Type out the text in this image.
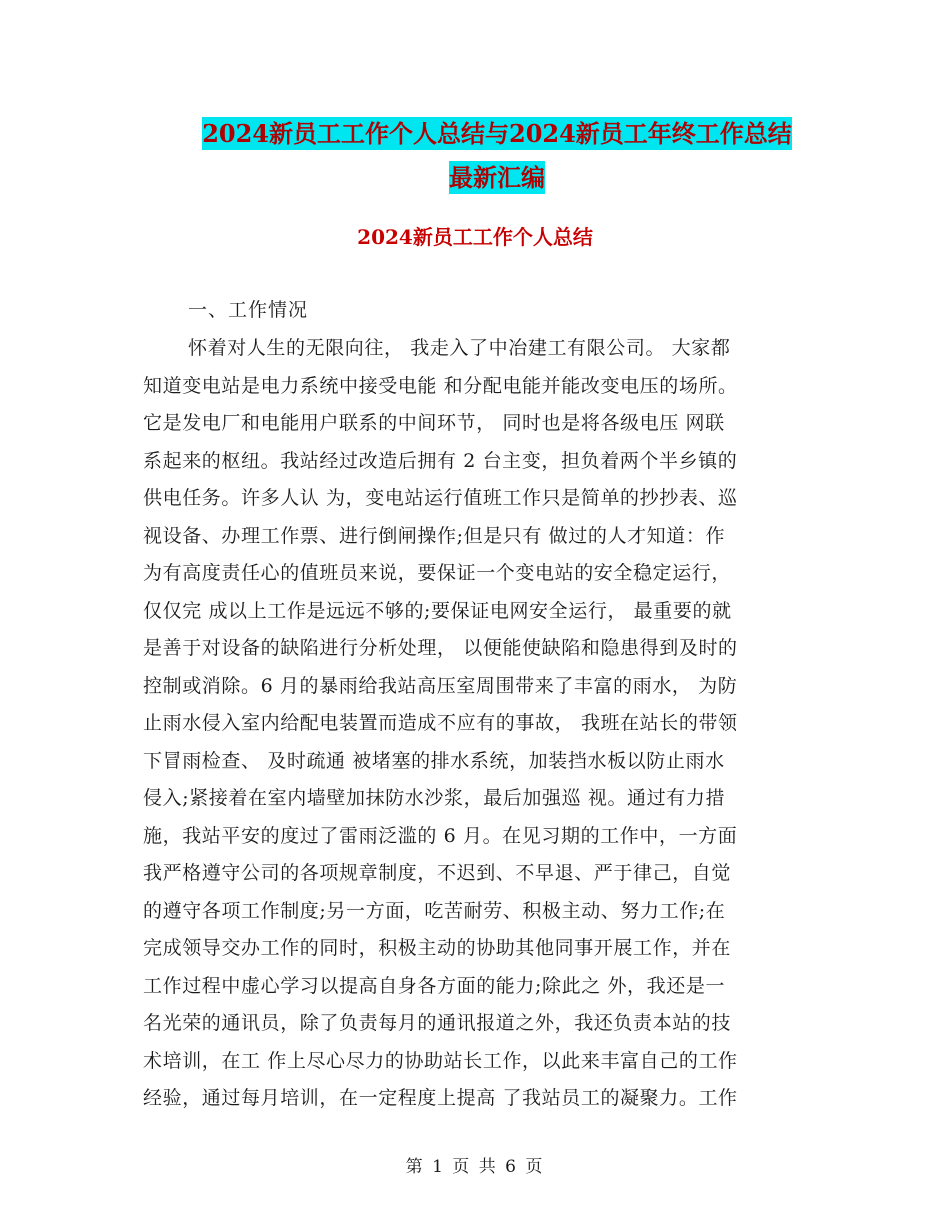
2024新员工工作个人总结与2024新员工年终工作总结
最新汇编
2024新员工工作个人总结
一、工作情况
怀着对人生的无限向往， 我走入了中冶建工有限公司。 大家都
知道变电站是电力系统中接受电能 和分配电能并能改变电压的场所。
它是发电厂和电能用户联系的中间环节， 同时也是将各级电压 网联
系起来的枢纽。我站经过改造后拥有 2 台主变，担负着两个半乡镇的
供电任务。许多人认 为，变电站运行值班工作只是简单的抄抄表、巡
视设备、办理工作票、进行倒闸操作;但是只有 做过的人才知道：作
为有高度责任心的值班员来说，要保证一个变电站的安全稳定运行，
仅仅完 成以上工作是远远不够的;要保证电网安全运行， 最重要的就
是善于对设备的缺陷进行分析处理， 以便能使缺陷和隐患得到及时的
控制或消除。6 月的暴雨给我站高压室周围带来了丰富的雨水， 为防
止雨水侵入室内给配电装置而造成不应有的事故， 我班在站长的带领
下冒雨检查、 及时疏通 被堵塞的排水系统，加装挡水板以防止雨水
侵入;紧接着在室内墙壁加抹防水沙浆，最后加强巡 视。通过有力措
施，我站平安的度过了雷雨泛滥的 6 月。在见习期的工作中，一方面
我严格遵守公司的各项规章制度，不迟到、不早退、严于律己，自觉
的遵守各项工作制度;另一方面，吃苦耐劳、积极主动、努力工作;在
完成领导交办工作的同时，积极主动的协助其他同事开展工作，并在
工作过程中虚心学习以提高自身各方面的能力;除此之 外，我还是一
名光荣的通讯员，除了负责每月的通讯报道之外，我还负责本站的技
术培训，在工 作上尽心尽力的协助站长工作，以此来丰富自己的工作
经验，通过每月培训，在一定程度上提高 了我站员工的凝聚力。工作
第 1 页 共 6 页
